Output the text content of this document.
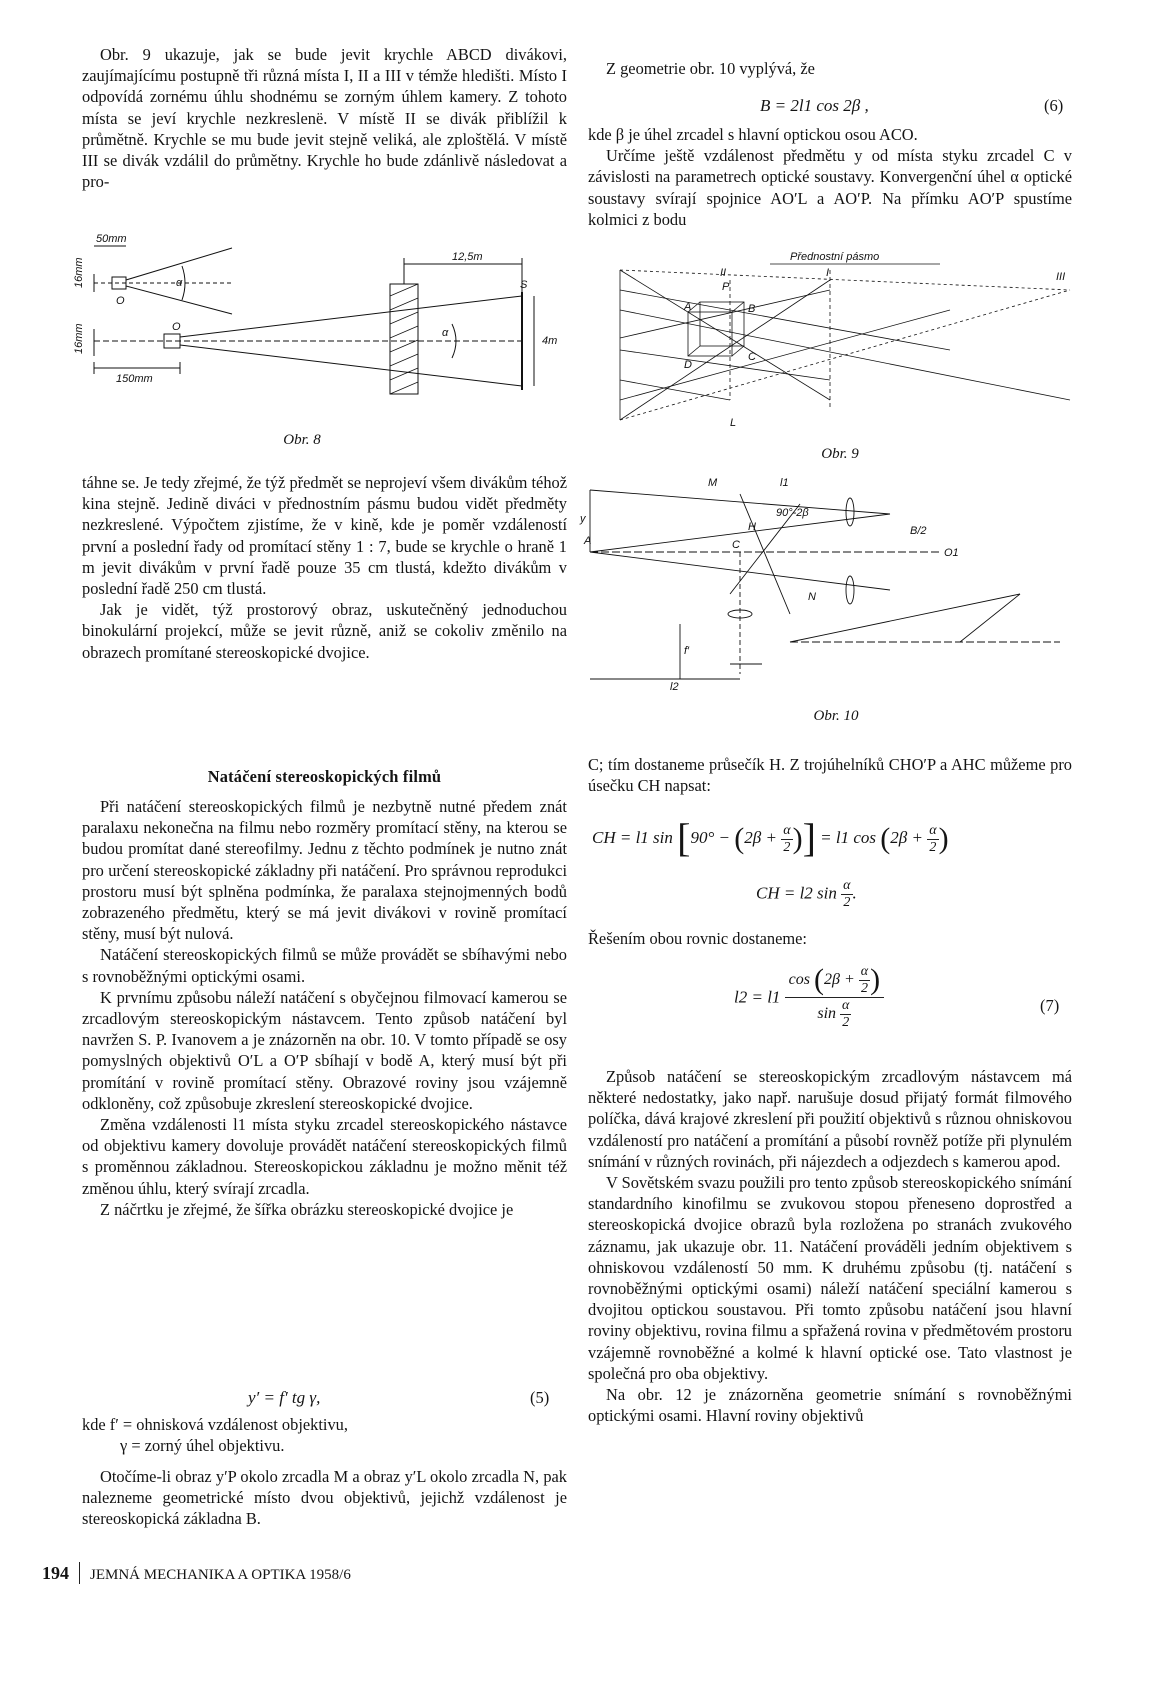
Obr. 9 ukazuje, jak se bude jevit krychle ABCD divákovi, zaujímajícímu postupně tři různá místa I, II a III v témže hledišti. Místo I odpovídá zornému úhlu shodnému se zorným úhlem kamery. Z tohoto místa se jeví krychle nezkreslenë. V místě II se divák přiblížil k průmětně. Krychle se mu bude jevit stejně veliká, ale zploštělá. V místě III se divák vzdálil do průmětny. Krychle ho bude zdánlivě následovat a pro-

50mm
16mm
16mm
150mm
12,5m
4m
O
O
S
α
α
Obr. 8

táhne se. Je tedy zřejmé, že týž předmět se neprojeví všem divákům téhož kina stejně. Jedině diváci v přednostním pásmu budou vidět předměty nezkreslené. Výpočtem zjistíme, že v kině, kde je poměr vzdáleností první a poslední řady od promítací stěny 1 : 7, bude se krychle o hraně 1 m jevit divákům v první řadě pouze 35 cm tlustá, kdežto divákům v poslední řadě 250 cm tlustá.

Jak je vidět, týž prostorový obraz, uskutečněný jednoduchou binokulární projekcí, může se jevit různě, aniž se cokoliv změnilo na obrazech promítané stereoskopické dvojice.

Natáčení stereoskopických filmů

Při natáčení stereoskopických filmů je nezbytně nutné předem znát paralaxu nekonečna na filmu nebo rozměry promítací stěny, na kterou se budou promítat dané stereofilmy. Jednu z těchto podmínek je nutno znát pro určení stereoskopické základny při natáčení. Pro správnou reprodukci prostoru musí být splněna podmínka, že paralaxa stejnojmenných bodů zobrazeného předmětu, který se má jevit divákovi v rovině promítací stěny, musí být nulová.

Natáčení stereoskopických filmů se může provádět se sbíhavými nebo s rovnoběžnými optickými osami.

K prvnímu způsobu náleží natáčení s obyčejnou filmovací kamerou se zrcadlovým stereoskopickým nástavcem. Tento způsob natáčení byl navržen S. P. Ivanovem a je znázorněn na obr. 10. V tomto případě se osy pomyslných objektivů O′L a O′P sbíhají v bodě A, který musí být při promítání v rovině promítací stěny. Obrazové roviny jsou vzájemně odkloněny, což způsobuje zkreslení stereoskopické dvojice.

Změna vzdálenosti l1 místa styku zrcadel stereoskopického nástavce od objektivu kamery dovoluje provádět natáčení stereoskopických filmů s proměnnou základnou. Stereoskopickou základnu je možno měnit též změnou úhlu, který svírají zrcadla.

Z náčrtku je zřejmé, že šířka obrázku stereoskopické dvojice je

y′ = f′ tg γ,	(5)
kde f′ = ohnisková vzdálenost objektivu,
γ = zorný úhel objektivu.

Otočíme-li obraz y′P okolo zrcadla M a obraz y′L okolo zrcadla N, pak nalezneme geometrické místo dvou objektivů, jejichž vzdálenost je stereoskopická základna B.

Z geometrie obr. 10 vyplývá, že

B = 2l1 cos 2β ,	(6)

kde β je úhel zrcadel s hlavní optickou osou ACO.

Určíme ještě vzdálenost předmětu y od místa styku zrcadel C v závislosti na parametrech optické soustavy. Konvergenční úhel α optické soustavy svírají spojnice AO′L a AO′P. Na přímku AO′P spustíme kolmici z bodu

Přednostní pásmo
I
II	III
P
L
A	B
C
D
Obr. 9
M
N
A	C
H
O1
l1
l2
y
f′
B/2
90°-2β
Obr. 10

C; tím dostaneme průsečík H. Z trojúhelníků CHO′P a AHC můžeme pro úsečku CH napsat:

CH = l1 $\sin [90^\circ - (2\beta + \frac{\alpha}{2}$ )] = l1 $\cos (2\beta + \frac{\alpha}{2}$ )
CH = l2 $\sin \frac{\alpha}{2}$ .

Řešením obou rovnic dostaneme:

$l2 = l1 \frac{\cos (2\beta + \frac{\alpha}{2} )}{\sin \frac{\alpha}{2}}$	(7)

Způsob natáčení se stereoskopickým zrcadlovým nástavcem má některé nedostatky, jako např. narušuje dosud přijatý formát filmového políčka, dává krajové zkreslení při použití objektivů s různou ohniskovou vzdáleností pro natáčení a promítání a působí rovněž potíže při plynulém snímání v různých rovinách, při nájezdech a odjezdech s kamerou apod.

V Sovětském svazu použili pro tento způsob stereoskopického snímání standardního kinofilmu se zvukovou stopou přeneseno doprostřed a stereoskopická dvojice obrazů byla rozložena po stranách zvukového záznamu, jak ukazuje obr. 11. Natáčení prováděli jedním objektivem s ohniskovou vzdáleností 50 mm. K druhému způsobu (tj. natáčení s rovnoběžnými optickými osami) náleží natáčení speciální kamerou s dvojitou optickou soustavou. Při tomto způsobu natáčení jsou hlavní roviny objektivu, rovina filmu a spřažená rovina v předmětovém prostoru vzájemně rovnoběžné a kolmé k hlavní optické ose. Tato vlastnost je společná pro oba objektivy.

Na obr. 12 je znázorněna geometrie snímání s rovnoběžnými optickými osami. Hlavní roviny objektivů

194 JEMNÁ MECHANIKA A OPTIKA 1958/6
